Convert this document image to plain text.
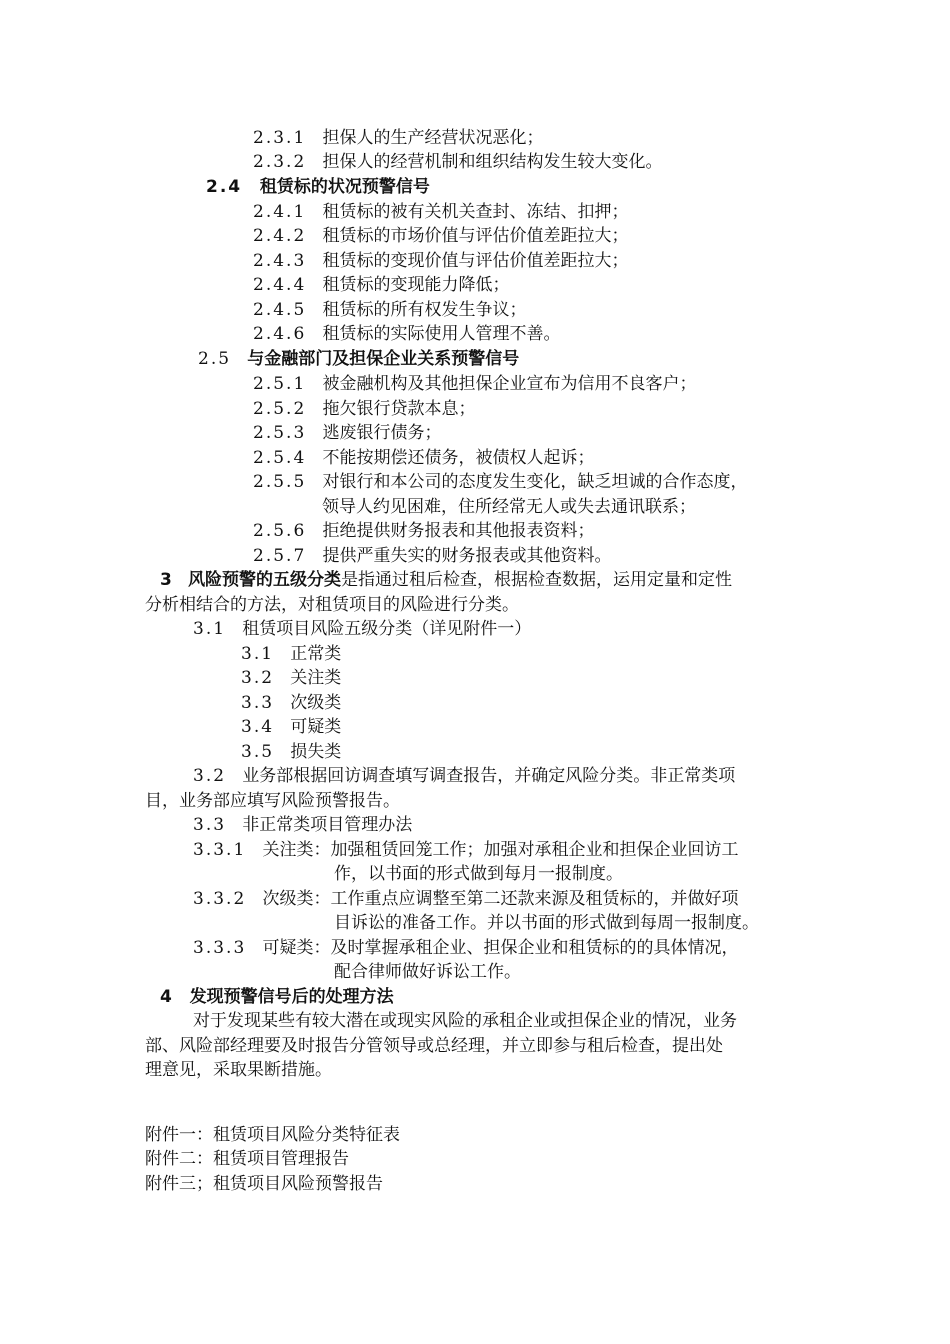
2.3.1 担保人的生产经营状况恶化；
2.3.2 担保人的经营机制和组织结构发生较大变化。
2.4 租赁标的状况预警信号
2.4.1 租赁标的被有关机关查封、冻结、扣押；
2.4.2 租赁标的市场价值与评估价值差距拉大；
2.4.3 租赁标的变现价值与评估价值差距拉大；
2.4.4 租赁标的变现能力降低；
2.4.5 租赁标的所有权发生争议；
2.4.6 租赁标的实际使用人管理不善。
2.5 与金融部门及担保企业关系预警信号
2.5.1 被金融机构及其他担保企业宣布为信用不良客户；
2.5.2 拖欠银行贷款本息；
2.5.3 逃废银行债务；
2.5.4 不能按期偿还债务，被债权人起诉；
2.5.5 对银行和本公司的态度发生变化，缺乏坦诚的合作态度，
领导人约见困难，住所经常无人或失去通讯联系；
2.5.6 拒绝提供财务报表和其他报表资料；
2.5.7 提供严重失实的财务报表或其他资料。
3 风险预警的五级分类是指通过租后检查，根据检查数据，运用定量和定性
分析相结合的方法，对租赁项目的风险进行分类。
3.1 租赁项目风险五级分类（详见附件一）
3.1 正常类
3.2 关注类
3.3 次级类
3.4 可疑类
3.5 损失类
3.2 业务部根据回访调查填写调查报告，并确定风险分类。非正常类项
目，业务部应填写风险预警报告。
3.3 非正常类项目管理办法
3.3.1 关注类：加强租赁回笼工作；加强对承租企业和担保企业回访工
作，以书面的形式做到每月一报制度。
3.3.2 次级类：工作重点应调整至第二还款来源及租赁标的，并做好项
目诉讼的准备工作。并以书面的形式做到每周一报制度。
3.3.3 可疑类：及时掌握承租企业、担保企业和租赁标的的具体情况，
配合律师做好诉讼工作。
4 发现预警信号后的处理方法
对于发现某些有较大潜在或现实风险的承租企业或担保企业的情况，业务
部、风险部经理要及时报告分管领导或总经理，并立即参与租后检查，提出处
理意见，采取果断措施。
附件一：租赁项目风险分类特征表
附件二：租赁项目管理报告
附件三；租赁项目风险预警报告
